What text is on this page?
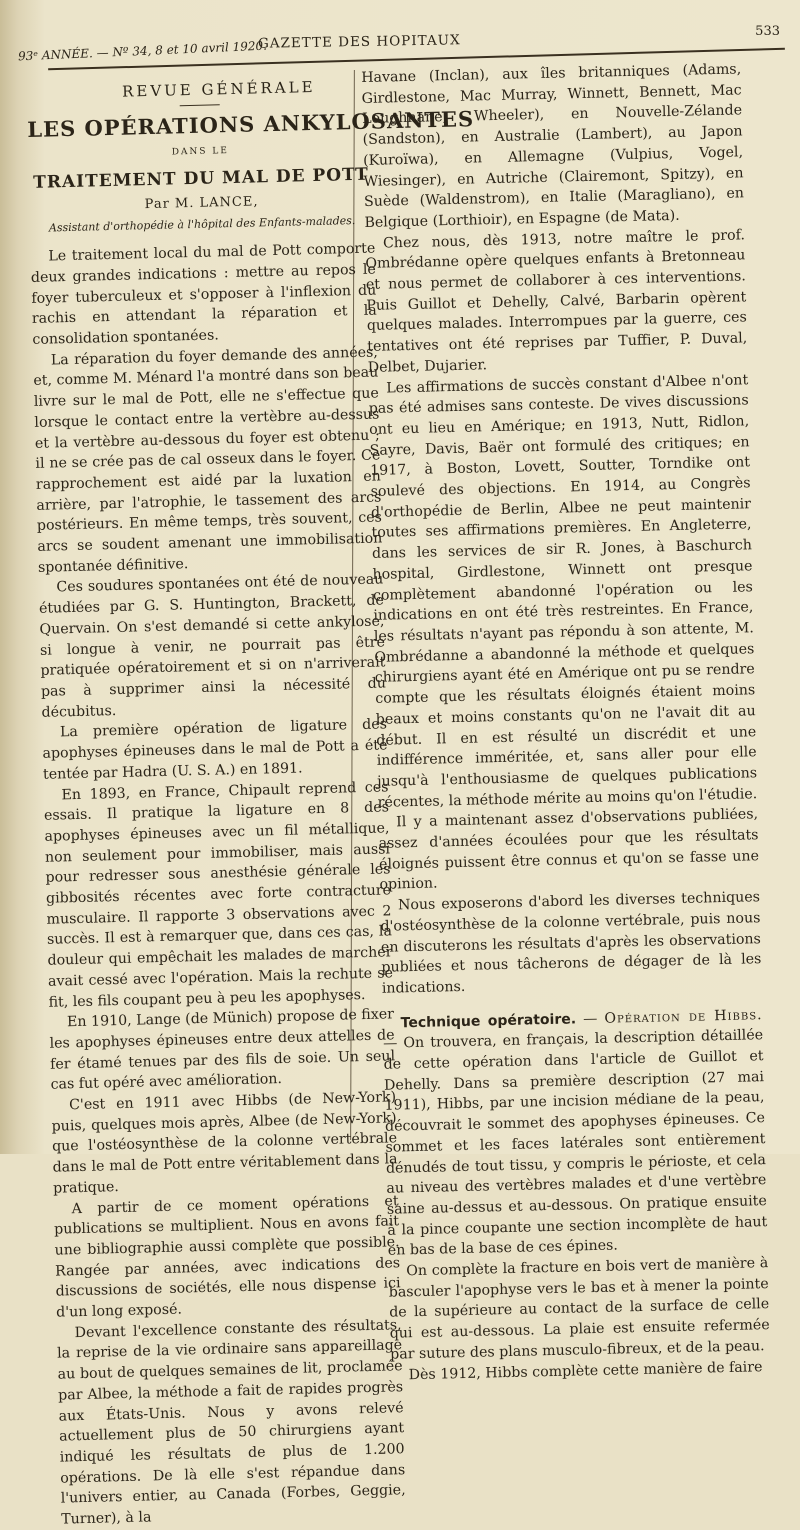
93ᵉ ANNÉE. — Nº 34, 8 et 10 avril 1920.
GAZETTE DES HOPITAUX
533
REVUE GÉNÉRALE
LES OPÉRATIONS ANKYLOSANTES
DANS LE
TRAITEMENT DU MAL DE POTT
Par M. LANCE,
Assistant d'orthopédie à l'hôpital des Enfants-malades.

Le traitement local du mal de Pott comporte deux grandes indications : mettre au repos le foyer tuberculeux et s'opposer à l'inflexion du rachis en attendant la réparation et la consolidation spontanées.

La réparation du foyer demande des années, et, comme M. Ménard l'a montré dans son beau livre sur le mal de Pott, elle ne s'effectue que lorsque le contact entre la vertèbre au-dessus et la vertèbre au-dessous du foyer est obtenu ; il ne se crée pas de cal osseux dans le foyer. Ce rapprochement est aidé par la luxation en arrière, par l'atrophie, le tassement des arcs postérieurs. En même temps, très souvent, ces arcs se soudent amenant une immobilisation spontanée définitive.

Ces soudures spontanées ont été de nouveau étudiées par G. S. Huntington, Brackett, de Quervain. On s'est demandé si cette ankylose, si longue à venir, ne pourrait pas être pratiquée opératoirement et si on n'arriverait pas à supprimer ainsi la nécessité du décubitus.

La première opération de ligature des apophyses épineuses dans le mal de Pott a été tentée par Hadra (U. S. A.) en 1891.

En 1893, en France, Chipault reprend ces essais. Il pratique la ligature en 8 des apophyses épineuses avec un fil métallique, non seulement pour immobiliser, mais aussi pour redresser sous anesthésie générale les gibbosités récentes avec forte contracture musculaire. Il rapporte 3 observations avec 2 succès. Il est à remarquer que, dans ces cas, la douleur qui empêchait les malades de marcher avait cessé avec l'opération. Mais la rechute se fit, les fils coupant peu à peu les apophyses.

En 1910, Lange (de Münich) propose de fixer les apophyses épineuses entre deux attelles de fer étamé tenues par des fils de soie. Un seul cas fut opéré avec amélioration.

C'est en 1911 avec Hibbs (de New-York) puis, quelques mois après, Albee (de New-York) que l'ostéosynthèse de la colonne vertébrale dans le mal de Pott entre véritablement dans la pratique.

A partir de ce moment opérations et publications se multiplient. Nous en avons fait une bibliographie aussi complète que possible. Rangée par années, avec indications des discussions de sociétés, elle nous dispense ici d'un long exposé.

Devant l'excellence constante des résultats, la reprise de la vie ordinaire sans appareillage au bout de quelques semaines de lit, proclamée par Albee, la méthode a fait de rapides progrès aux États-Unis. Nous y avons relevé actuellement plus de 50 chirurgiens ayant indiqué les résultats de plus de 1.200 opérations. De là elle s'est répandue dans l'univers entier, au Canada (Forbes, Geggie, Turner), à la

Havane (Inclan), aux îles britanniques (Adams, Girdlestone, Mac Murray, Winnett, Bennett, Mac Loughnane, Wheeler), en Nouvelle-Zélande (Sandston), en Australie (Lambert), au Japon (Kuroïwa), en Allemagne (Vulpius, Vogel, Wiesinger), en Autriche (Clairemont, Spitzy), en Suède (Waldenstrom), en Italie (Maragliano), en Belgique (Lorthioir), en Espagne (de Mata).

Chez nous, dès 1913, notre maître le prof. Ombrédanne opère quelques enfants à Bretonneau et nous permet de collaborer à ces interventions. Puis Guillot et Dehelly, Calvé, Barbarin opèrent quelques malades. Interrompues par la guerre, ces tentatives ont été reprises par Tuffier, P. Duval, Delbet, Dujarier.

Les affirmations de succès constant d'Albee n'ont pas été admises sans conteste. De vives discussions ont eu lieu en Amérique; en 1913, Nutt, Ridlon, Sayre, Davis, Baër ont formulé des critiques; en 1917, à Boston, Lovett, Soutter, Torndike ont soulevé des objections. En 1914, au Congrès d'orthopédie de Berlin, Albee ne peut maintenir toutes ses affirmations premières. En Angleterre, dans les services de sir R. Jones, à Baschurch hospital, Girdlestone, Winnett ont presque complètement abandonné l'opération ou les indications en ont été très restreintes. En France, les résultats n'ayant pas répondu à son attente, M. Ombrédanne a abandonné la méthode et quelques chirurgiens ayant été en Amérique ont pu se rendre compte que les résultats éloignés étaient moins beaux et moins constants qu'on ne l'avait dit au début. Il en est résulté un discrédit et une indifférence imméritée, et, sans aller pour elle jusqu'à l'enthousiasme de quelques publications récentes, la méthode mérite au moins qu'on l'étudie.

Il y a maintenant assez d'observations publiées, assez d'années écoulées pour que les résultats éloignés puissent être connus et qu'on se fasse une opinion.

Nous exposerons d'abord les diverses techniques d'ostéosynthèse de la colonne vertébrale, puis nous en discuterons les résultats d'après les observations publiées et nous tâcherons de dégager de là les indications.

Technique opératoire. — Opération de Hibbs. — On trouvera, en français, la description détaillée de cette opération dans l'article de Guillot et Dehelly. Dans sa première description (27 mai 1911), Hibbs, par une incision médiane de la peau, découvrait le sommet des apophyses épineuses. Ce sommet et les faces latérales sont entièrement dénudés de tout tissu, y compris le périoste, et cela au niveau des vertèbres malades et d'une vertèbre saine au-dessus et au-dessous. On pratique ensuite à la pince coupante une section incomplète de haut en bas de la base de ces épines.

On complète la fracture en bois vert de manière à basculer l'apophyse vers le bas et à mener la pointe de la supérieure au contact de la surface de celle qui est au-dessous. La plaie est ensuite refermée par suture des plans musculo-fibreux, et de la peau.

Dès 1912, Hibbs complète cette manière de faire
